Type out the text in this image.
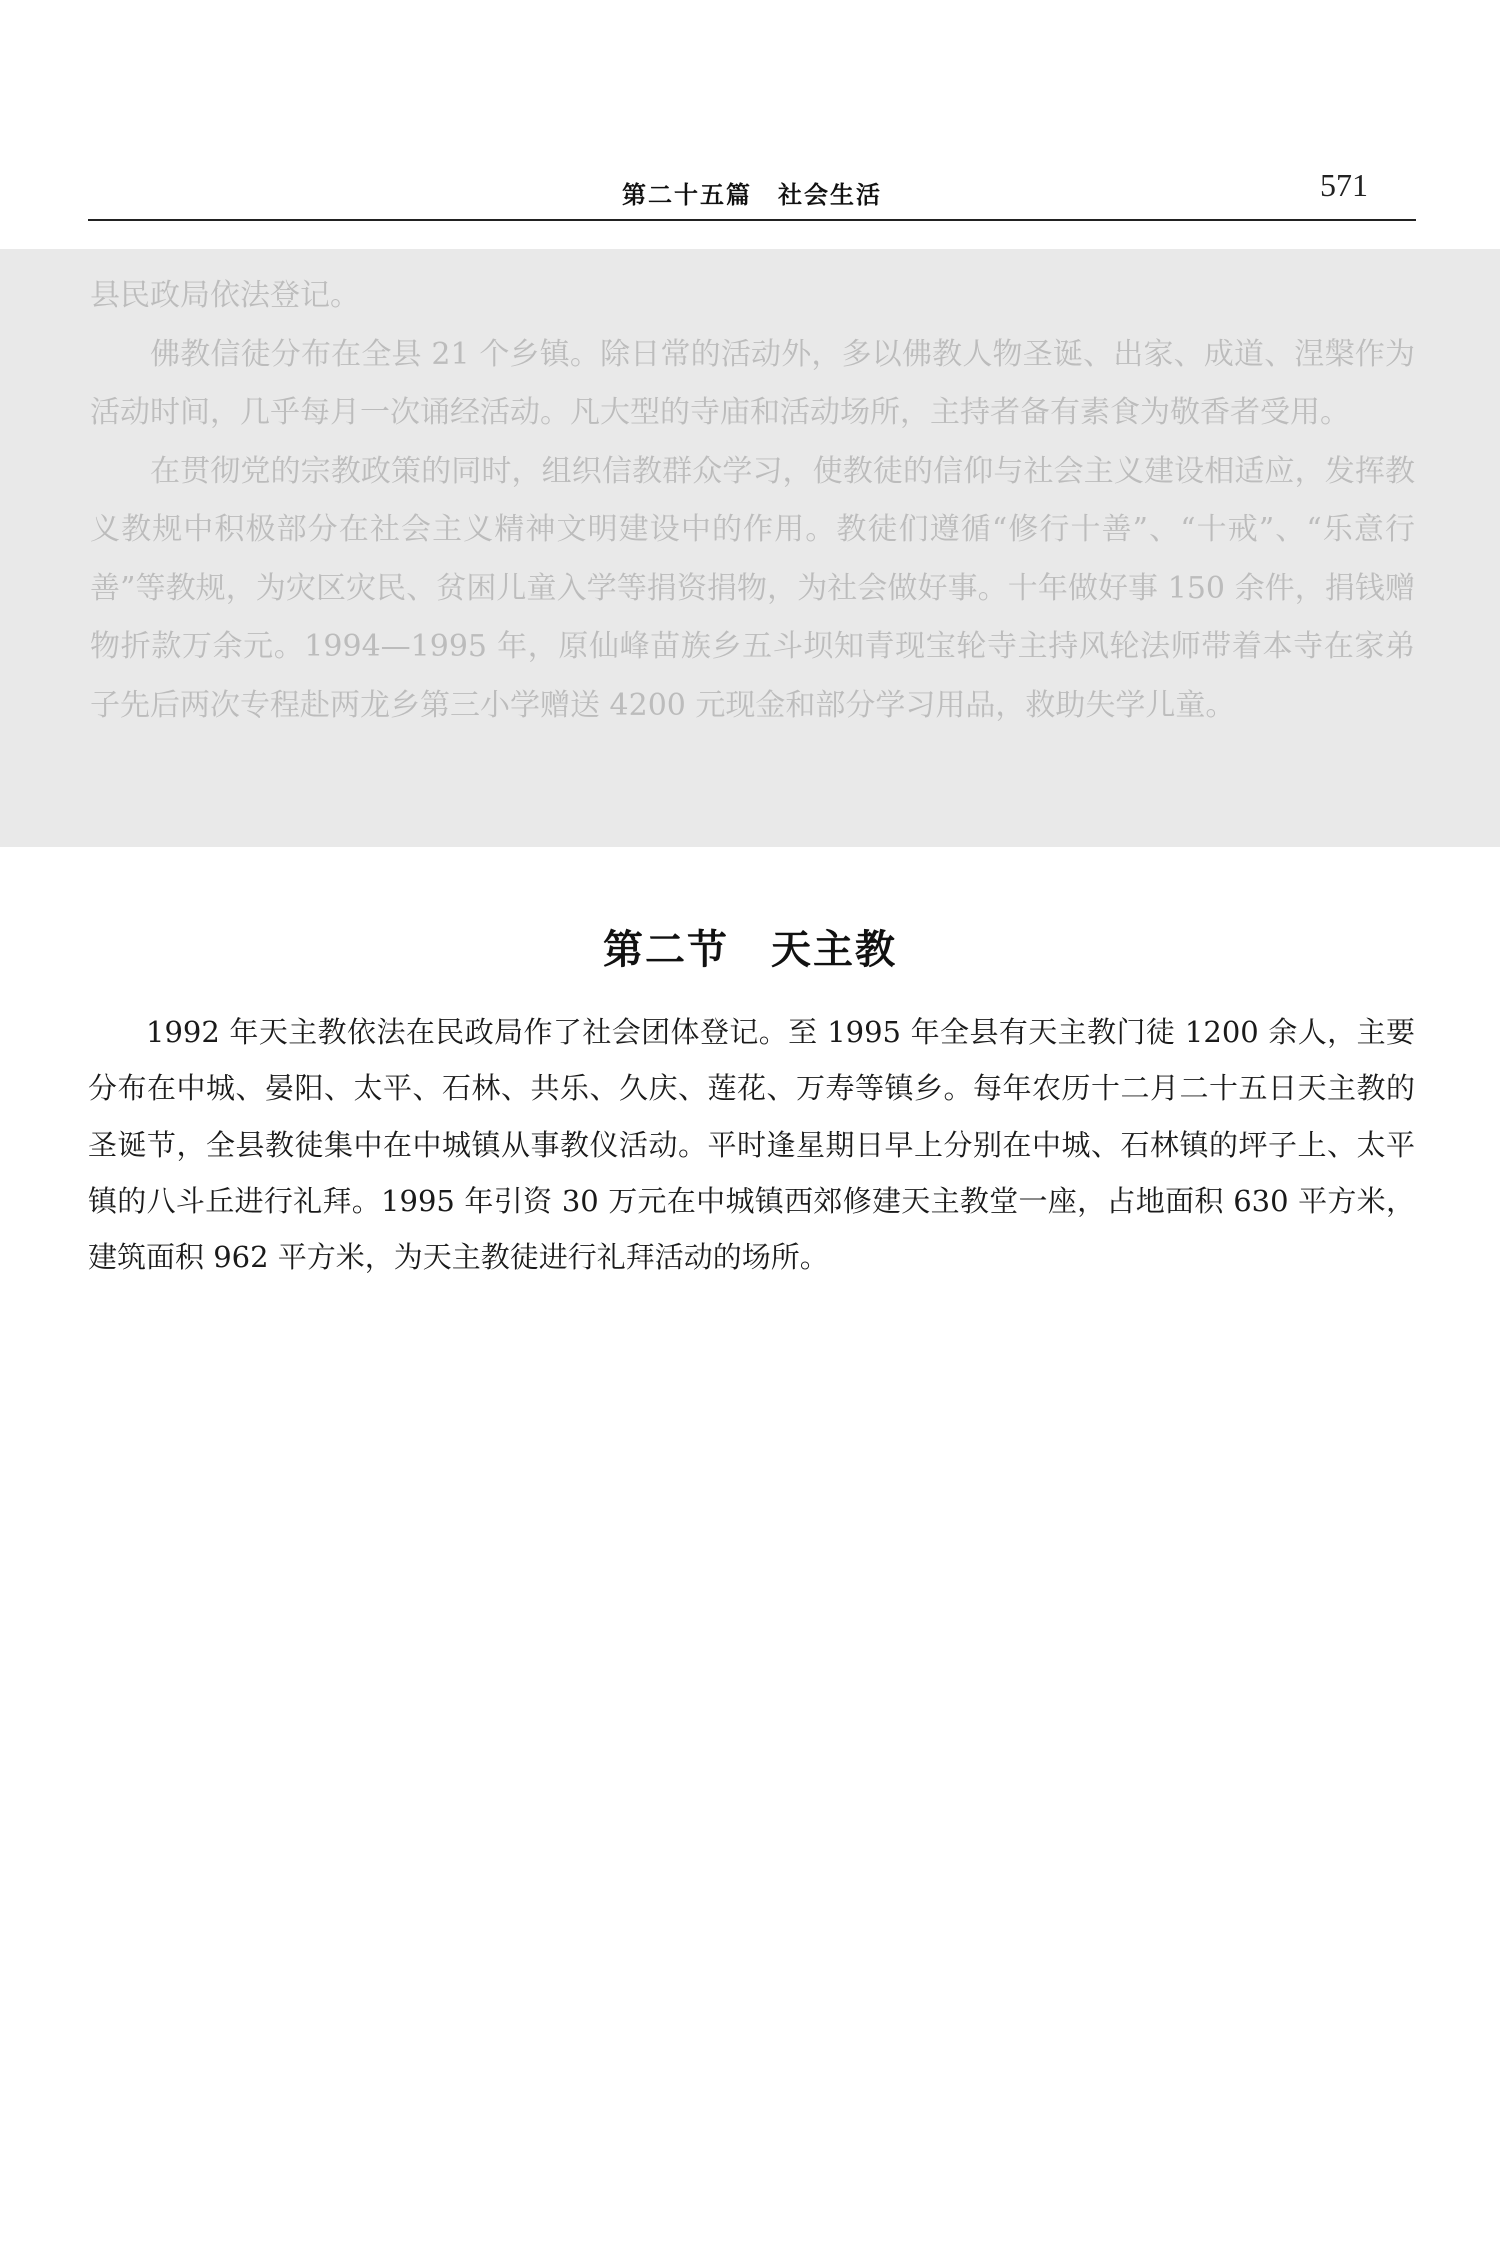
第二十五篇　社会生活	571

县民政局依法登记。

佛教信徒分布在全县 21 个乡镇。除日常的活动外，多以佛教人物圣诞、出家、成道、涅槃作为活动时间，几乎每月一次诵经活动。凡大型的寺庙和活动场所，主持者备有素食为敬香者受用。

在贯彻党的宗教政策的同时，组织信教群众学习，使教徒的信仰与社会主义建设相适应，发挥教义教规中积极部分在社会主义精神文明建设中的作用。教徒们遵循“修行十善”、“十戒”、“乐意行善”等教规，为灾区灾民、贫困儿童入学等捐资捐物，为社会做好事。十年做好事 150 余件，捐钱赠物折款万余元。1994—1995 年，原仙峰苗族乡五斗坝知青现宝轮寺主持风轮法师带着本寺在家弟子先后两次专程赴两龙乡第三小学赠送 4200 元现金和部分学习用品，救助失学儿童。

第二节　天主教

1992 年天主教依法在民政局作了社会团体登记。至 1995 年全县有天主教门徒 1200 余人，主要分布在中城、晏阳、太平、石林、共乐、久庆、莲花、万寿等镇乡。每年农历十二月二十五日天主教的圣诞节，全县教徒集中在中城镇从事教仪活动。平时逢星期日早上分别在中城、石林镇的坪子上、太平镇的八斗丘进行礼拜。1995 年引资 30 万元在中城镇西郊修建天主教堂一座，占地面积 630 平方米，建筑面积 962 平方米，为天主教徒进行礼拜活动的场所。
